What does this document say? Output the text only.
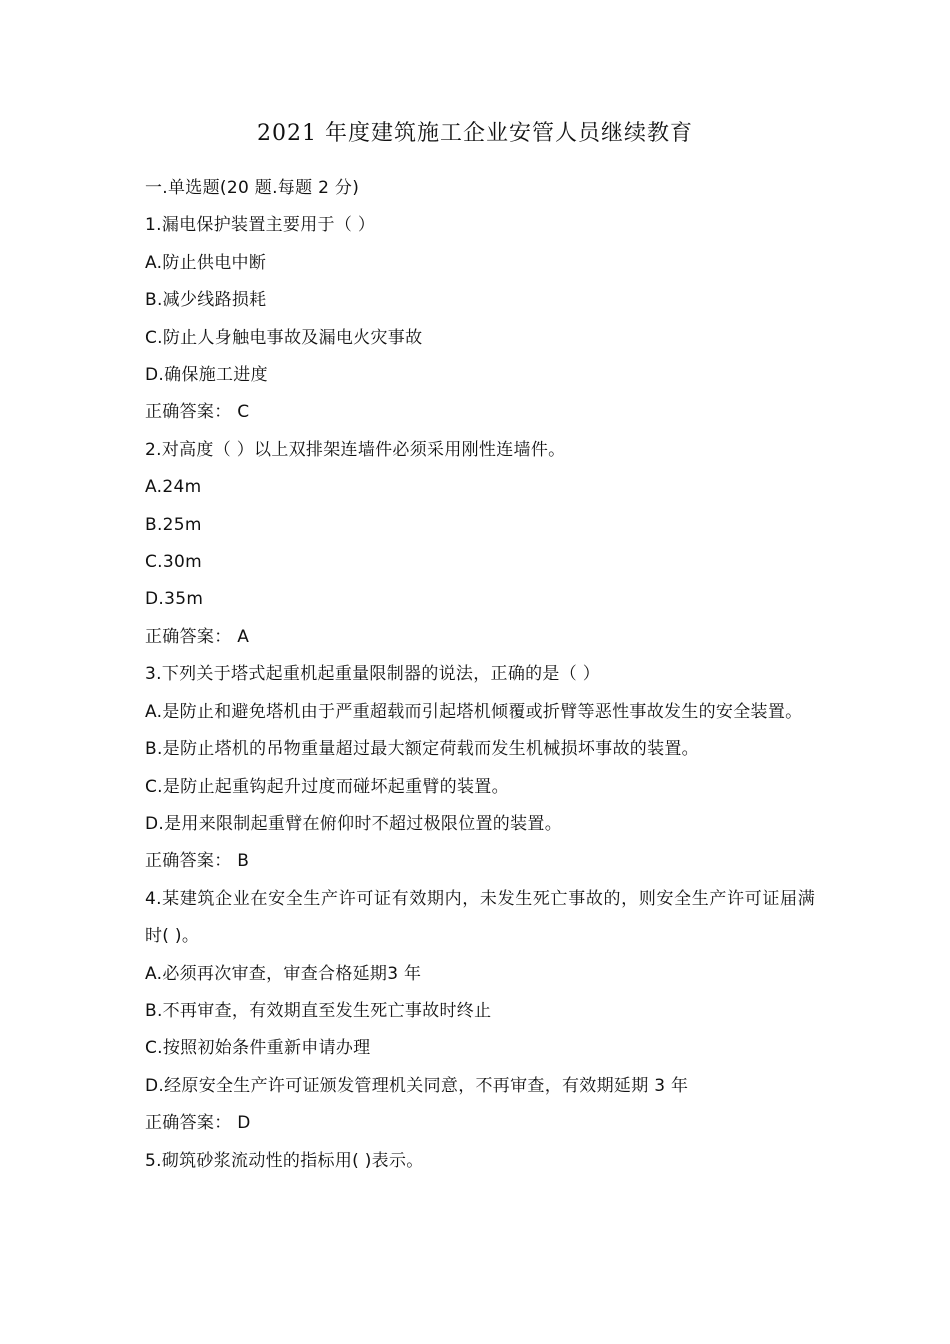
2021 年度建筑施工企业安管人员继续教育
一.单选题(20 题.每题 2 分)
1.漏电保护装置主要用于（ ）
A.防止供电中断
B.减少线路损耗
C.防止人身触电事故及漏电火灾事故
D.确保施工进度
正确答案： C
2.对高度（ ）以上双排架连墙件必须采用刚性连墙件。
A.24m
B.25m
C.30m
D.35m
正确答案： A
3.下列关于塔式起重机起重量限制器的说法，正确的是（ ）
A.是防止和避免塔机由于严重超载而引起塔机倾覆或折臂等恶性事故发生的安全装置。
B.是防止塔机的吊物重量超过最大额定荷载而发生机械损坏事故的装置。
C.是防止起重钩起升过度而碰坏起重臂的装置。
D.是用来限制起重臂在俯仰时不超过极限位置的装置。
正确答案： B
4.某建筑企业在安全生产许可证有效期内，未发生死亡事故的，则安全生产许可证届满时( )。
A.必须再次审查，审查合格延期3 年
B.不再审查，有效期直至发生死亡事故时终止
C.按照初始条件重新申请办理
D.经原安全生产许可证颁发管理机关同意，不再审查，有效期延期 3 年
正确答案： D
5.砌筑砂浆流动性的指标用( )表示。
